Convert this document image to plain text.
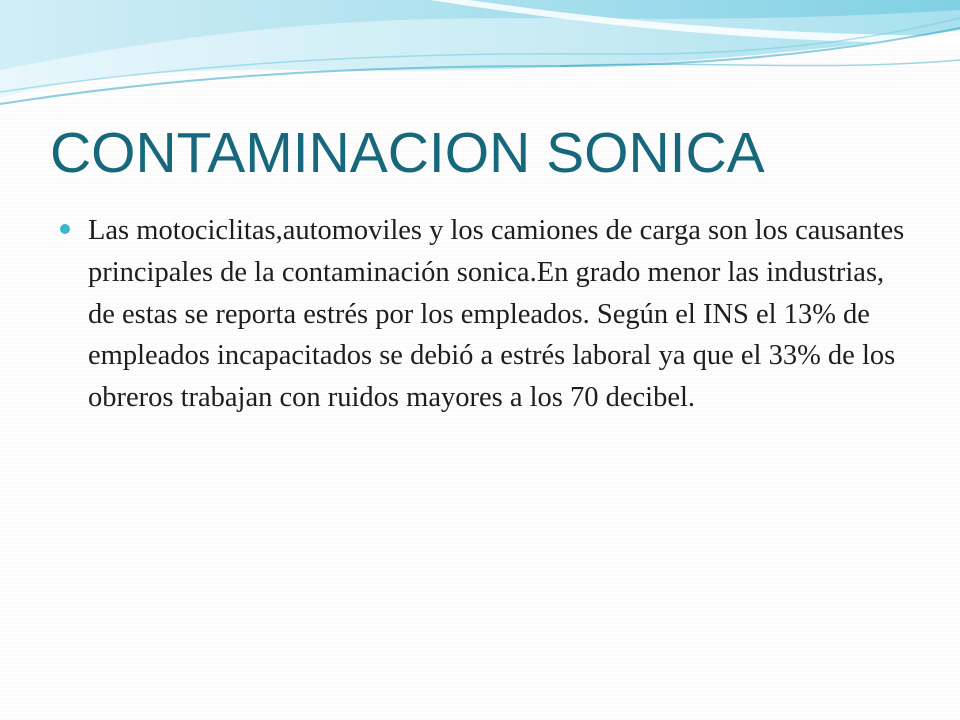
CONTAMINACION SONICA

Las motociclitas,automoviles y los camiones de carga son los causantes principales de la contaminación sonica.En grado menor las industrias, de estas se reporta estrés por los empleados. Según el INS el 13% de empleados incapacitados se debió a estrés laboral ya que el 33% de los obreros trabajan con ruidos mayores a los 70 decibel.
